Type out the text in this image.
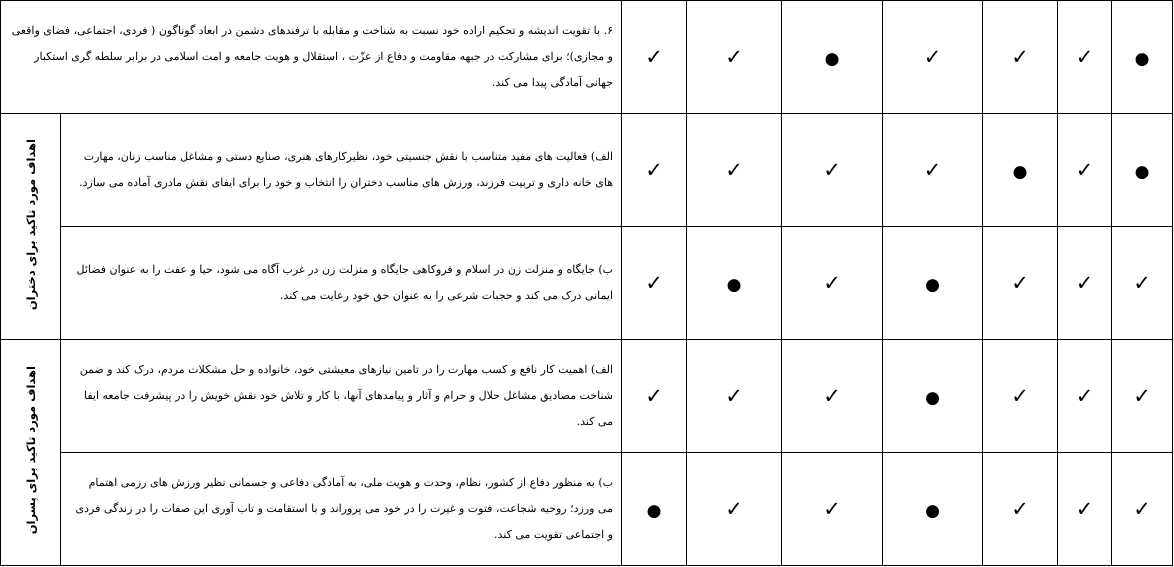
●	✓	✓	✓	●	✓	✓	۶. با تقویت اندیشه و تحکیم اراده خود نسبت به شناخت و مقابله با ترفندهای دشمن در ابعاد گوناگون ( فردی، اجتماعی، فضای واقعی و مجازی)؛ برای مشارکت در جبهه مقاومت و دفاع از عزّت ، استقلال و هویت جامعه و امت اسلامی در برابر سلطه گری استکبار جهانی آمادگی پیدا می کند.	
●	✓	●	✓	✓	✓	✓	الف) فعالیت های مفید متناسب با نقش جنسیتی خود، نظیرکارهای هنری، صنایع دستی و مشاغل مناسب زنان، مهارت های خانه داری و تربیت فرزند، ورزش های مناسب دختران را انتخاب و خود را برای ایفای نقش مادری آماده می سازد.	اهداف مورد تاکید برای دختران
✓	✓	✓	●	✓	●	✓	ب) جایگاه و منزلت زن در اسلام و فروکاهی جایگاه و منزلت زن در غرب آگاه می شود، حیا و عفت را به عنوان فضائل ایمانی درک می کند و حجبات شرعی را به عنوان حق خود رعایت می کند.	
✓	✓	✓	●	✓	✓	✓	الف) اهمیت کار نافع و کسب مهارت را در تامین نیازهای معیشتی خود، خانواده و حل مشکلات مردم، درک کند و ضمن شناخت مصادیق مشاغل حلال و حرام و آثار و پیامدهای آنها، با کار و تلاش خود نقش خویش را در پیشرفت جامعه ایفا می کند.	اهداف مورد تاکید برای پسران
✓	✓	✓	●	✓	✓	●	ب) به منظور دفاع از کشور، نظام، وحدت و هویت ملی، به آمادگی دفاعی و جسمانی نظیر ورزش های رزمی اهتمام می ورزد؛ روحیه شجاعت، فتوت و غیرت را در خود می پروراند و با استقامت و تاب آوری این صفات را در زندگی فردی و اجتماعی تقویت می کند.	
